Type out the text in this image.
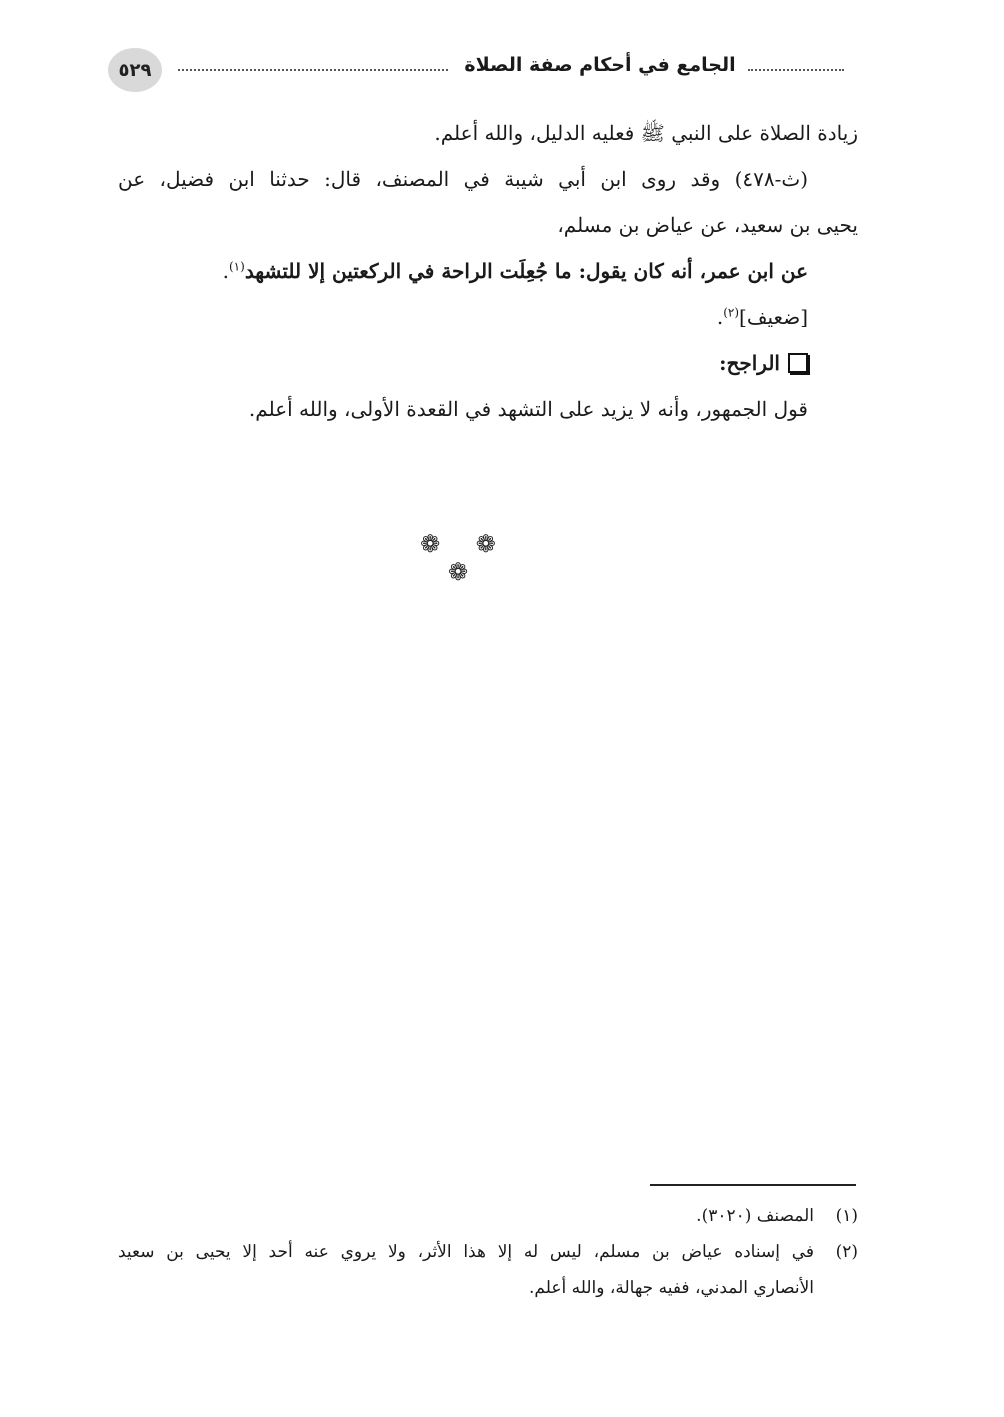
٥٢٩	الجامع في أحكام صفة الصلاة
زيادة الصلاة على النبي ﷺ فعليه الدليل، والله أعلم.
(ث-٤٧٨) وقد روى ابن أبي شيبة في المصنف، قال: حدثنا ابن فضيل، عن
يحيى بن سعيد، عن عياض بن مسلم،
عن ابن عمر، أنه كان يقول: ما جُعِلَت الراحة في الركعتين إلا للتشهد$^{(١)}$.
[ضعيف]$^{(٢)}$.
الراجح:
قول الجمهور، وأنه لا يزيد على التشهد في القعدة الأولى، والله أعلم.
❁ ❁ ❁
(١)المصنف (٣٠٢٠).
(٢)في إسناده عياض بن مسلم، ليس له إلا هذا الأثر، ولا يروي عنه أحد إلا يحيى بن سعيد
الأنصاري المدني، ففيه جهالة، والله أعلم.
